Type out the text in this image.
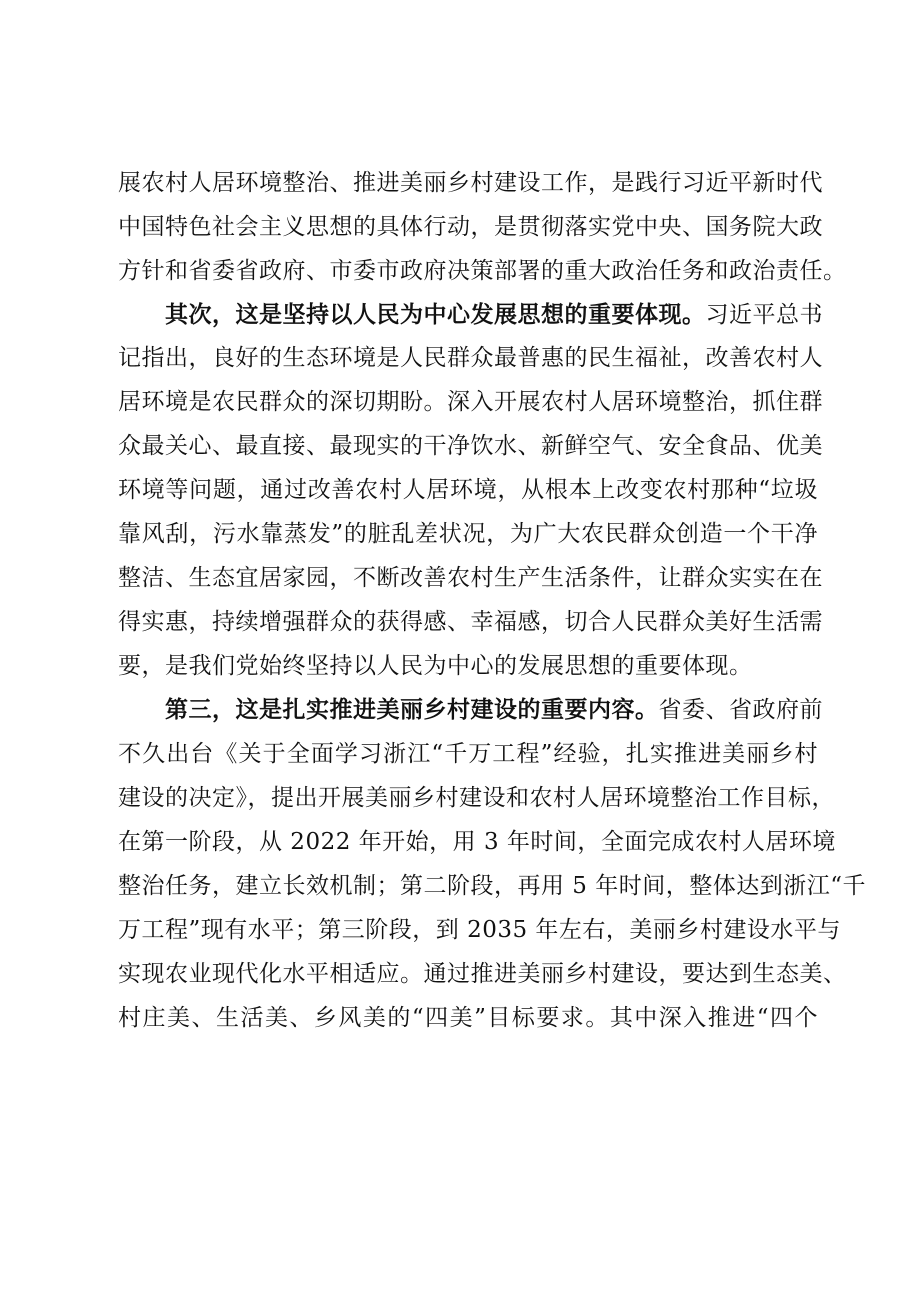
展农村人居环境整治、推进美丽乡村建设工作，是践行习近平新时代
中国特色社会主义思想的具体行动，是贯彻落实党中央、国务院大政
方针和省委省政府、市委市政府决策部署的重大政治任务和政治责任。
其次，这是坚持以人民为中心发展思想的重要体现。习近平总书
记指出，良好的生态环境是人民群众最普惠的民生福祉，改善农村人
居环境是农民群众的深切期盼。深入开展农村人居环境整治，抓住群
众最关心、最直接、最现实的干净饮水、新鲜空气、安全食品、优美
环境等问题，通过改善农村人居环境，从根本上改变农村那种“垃圾
靠风刮，污水靠蒸发”的脏乱差状况，为广大农民群众创造一个干净
整洁、生态宜居家园，不断改善农村生产生活条件，让群众实实在在
得实惠，持续增强群众的获得感、幸福感，切合人民群众美好生活需
要，是我们党始终坚持以人民为中心的发展思想的重要体现。
第三，这是扎实推进美丽乡村建设的重要内容。省委、省政府前
不久出台《关于全面学习浙江“千万工程”经验，扎实推进美丽乡村
建设的决定》，提出开展美丽乡村建设和农村人居环境整治工作目标，
在第一阶段，从 2022 年开始，用 3 年时间，全面完成农村人居环境
整治任务，建立长效机制；第二阶段，再用 5 年时间，整体达到浙江“千
万工程”现有水平；第三阶段，到 2035 年左右，美丽乡村建设水平与
实现农业现代化水平相适应。通过推进美丽乡村建设，要达到生态美、
村庄美、生活美、乡风美的“四美”目标要求。其中深入推进“四个
